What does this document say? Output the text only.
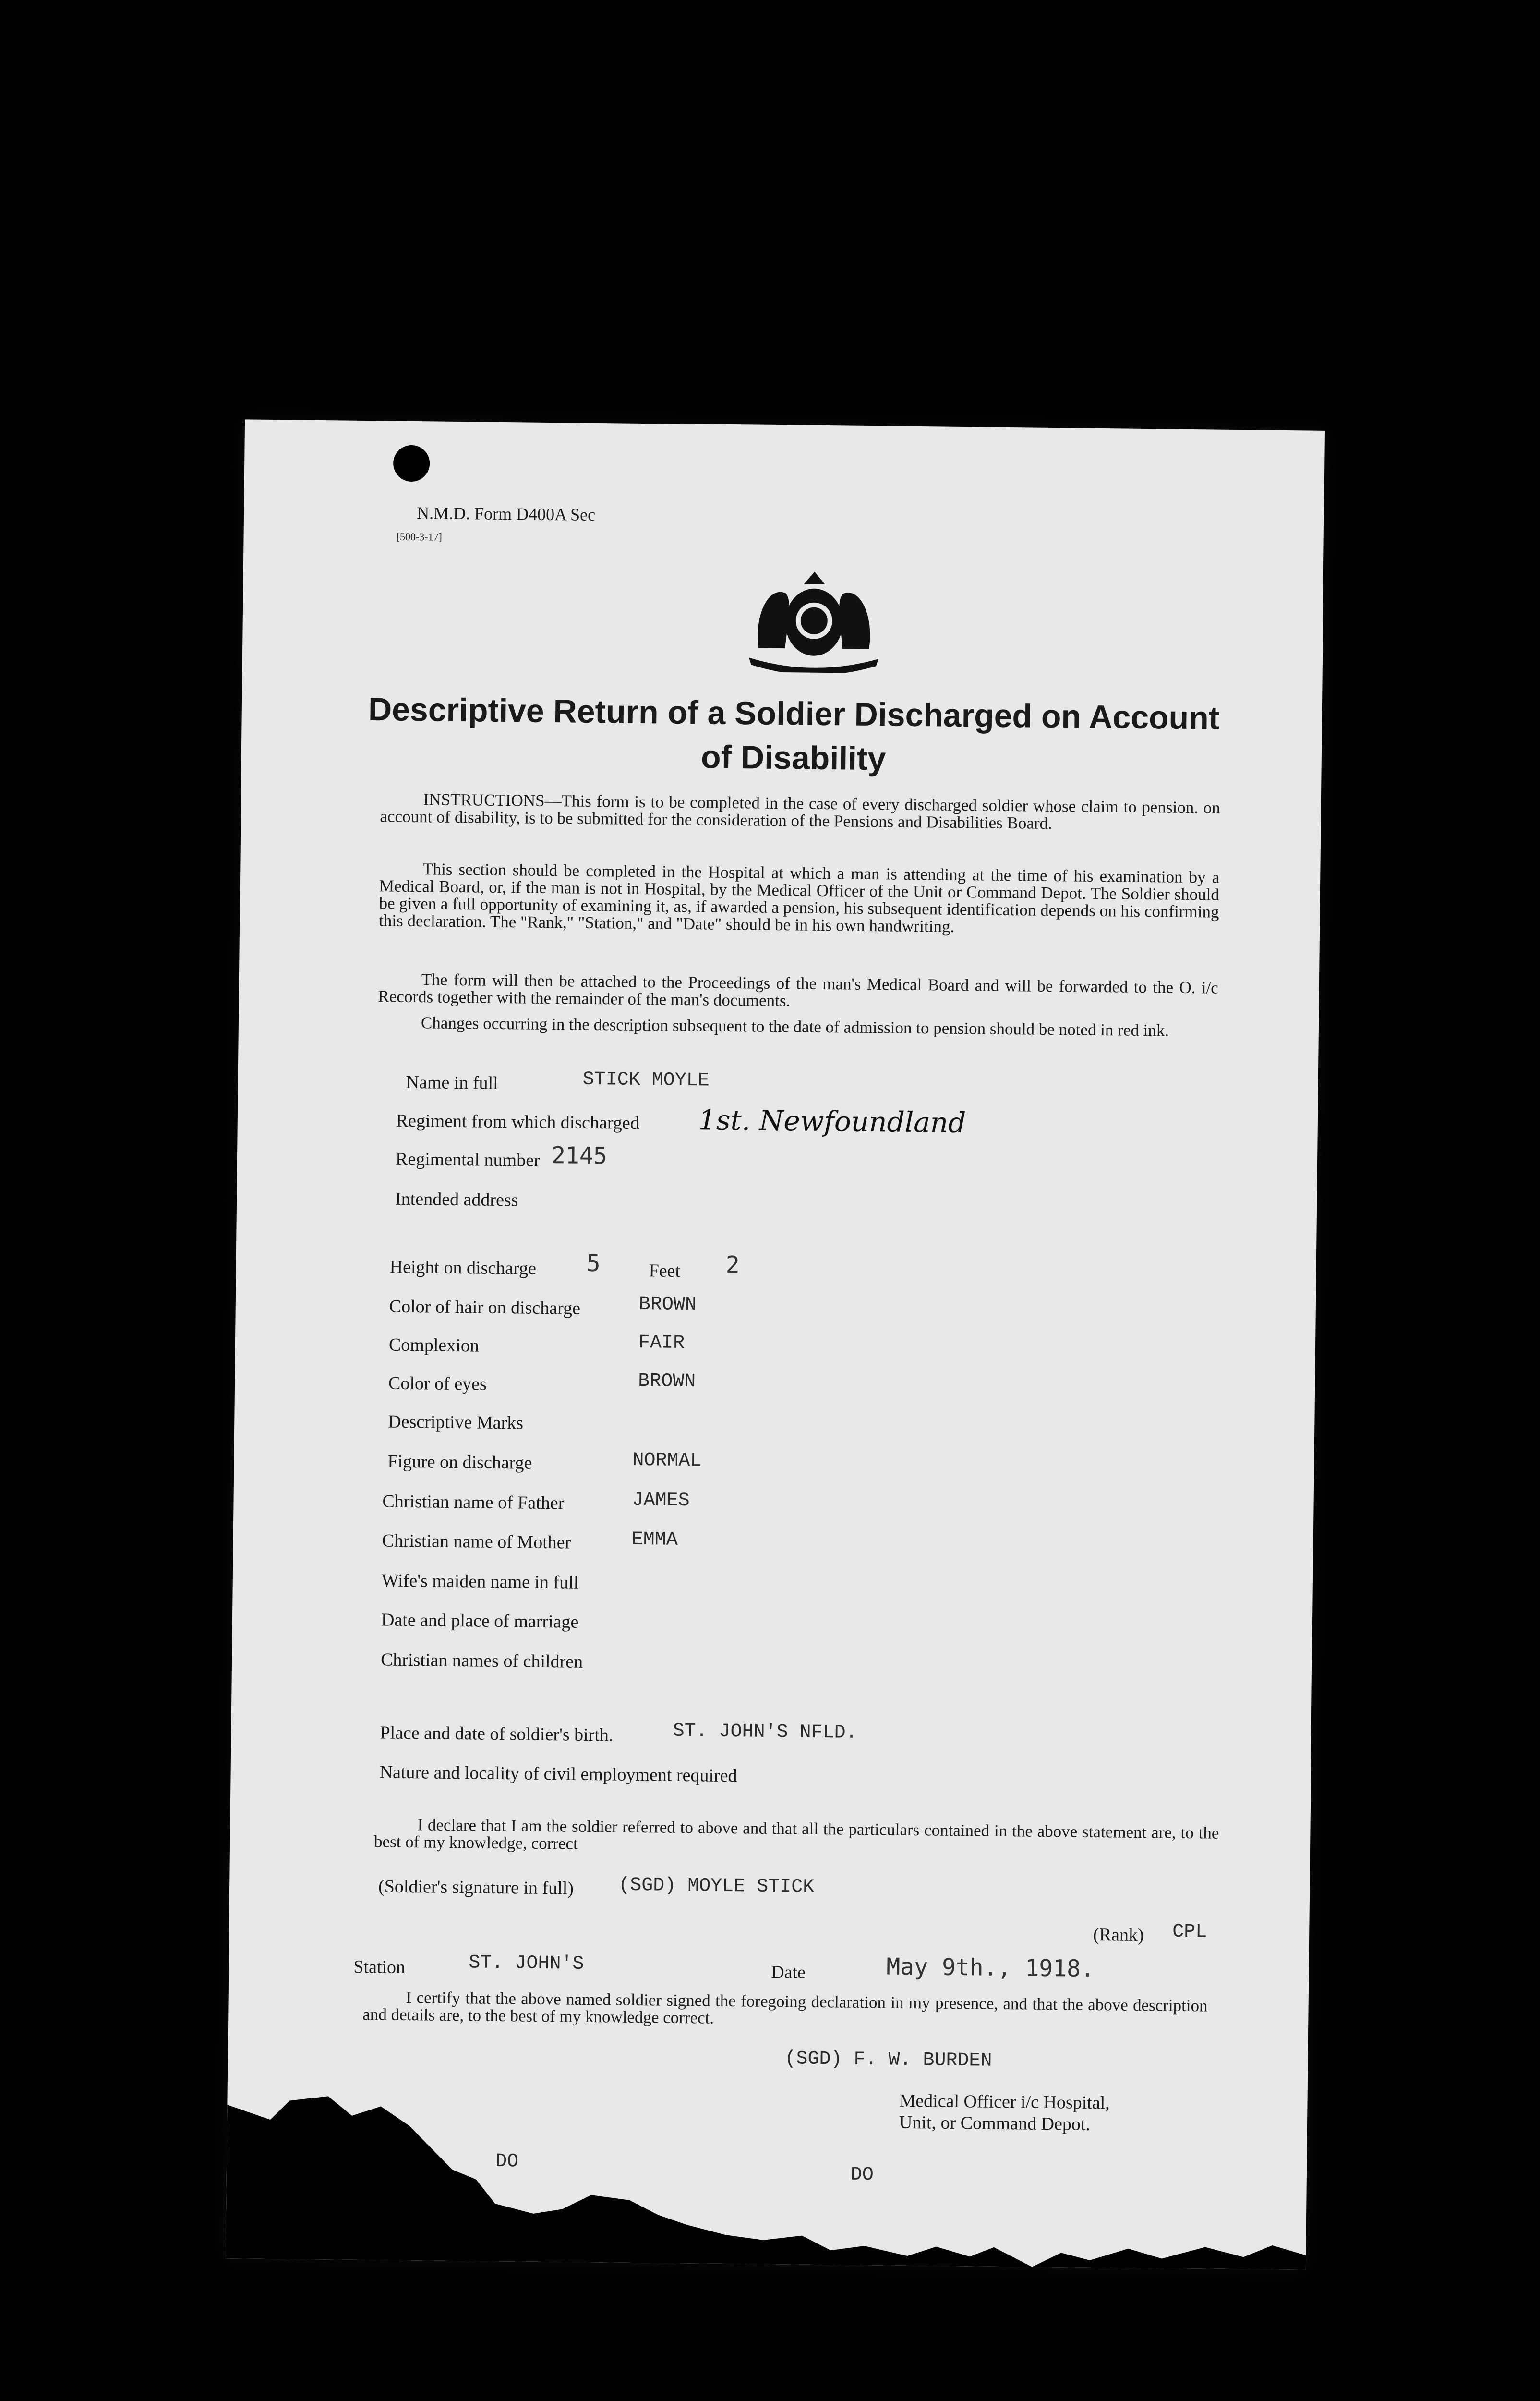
N.M.D. Form D400A Sec
[500-3-17]
Descriptive Return of a Soldier Discharged on Account of Disability
INSTRUCTIONS—This form is to be completed in the case of every discharged soldier whose claim to pension. on account of disability, is to be submitted for the consideration of the Pensions and Disabilities Board.
This section should be completed in the Hospital at which a man is attending at the time of his examination by a Medical Board, or, if the man is not in Hospital, by the Medical Officer of the Unit or Command Depot. The Soldier should be given a full opportunity of examining it, as, if awarded a pension, his subsequent identification depends on his confirming this declaration. The "Rank," "Station," and "Date" should be in his own handwriting.
The form will then be attached to the Proceedings of the man's Medical Board and will be forwarded to the O. i/c Records together with the remainder of the man's documents.
Changes occurring in the description subsequent to the date of admission to pension should be noted in red ink.
Name in full	STICK MOYLE
Regiment from which discharged 1st. Newfoundland
Regimental number 2145
Intended address
Height on discharge 5	Feet 2
Color of hair on discharge	BROWN
Complexion	FAIR
Color of eyes	BROWN
Descriptive Marks
Figure on discharge	NORMAL
Christian name of Father	JAMES
Christian name of Mother	EMMA
Wife's maiden name in full
Date and place of marriage
Christian names of children
Place and date of soldier's birth.	ST. JOHN'S NFLD.
Nature and locality of civil employment required
I declare that I am the soldier referred to above and that all the particulars contained in the above statement are, to the best of my knowledge, correct
(Soldier's signature in full) (SGD) MOYLE STICK
(Rank) CPL
Station	ST. JOHN'S	Date	May 9th., 1918.
I certify that the above named soldier signed the foregoing declaration in my presence, and that the above description and details are, to the best of my knowledge correct.
(SGD) F. W. BURDEN
Medical Officer i/c Hospital,
Unit, or Command Depot.
DO
DO
